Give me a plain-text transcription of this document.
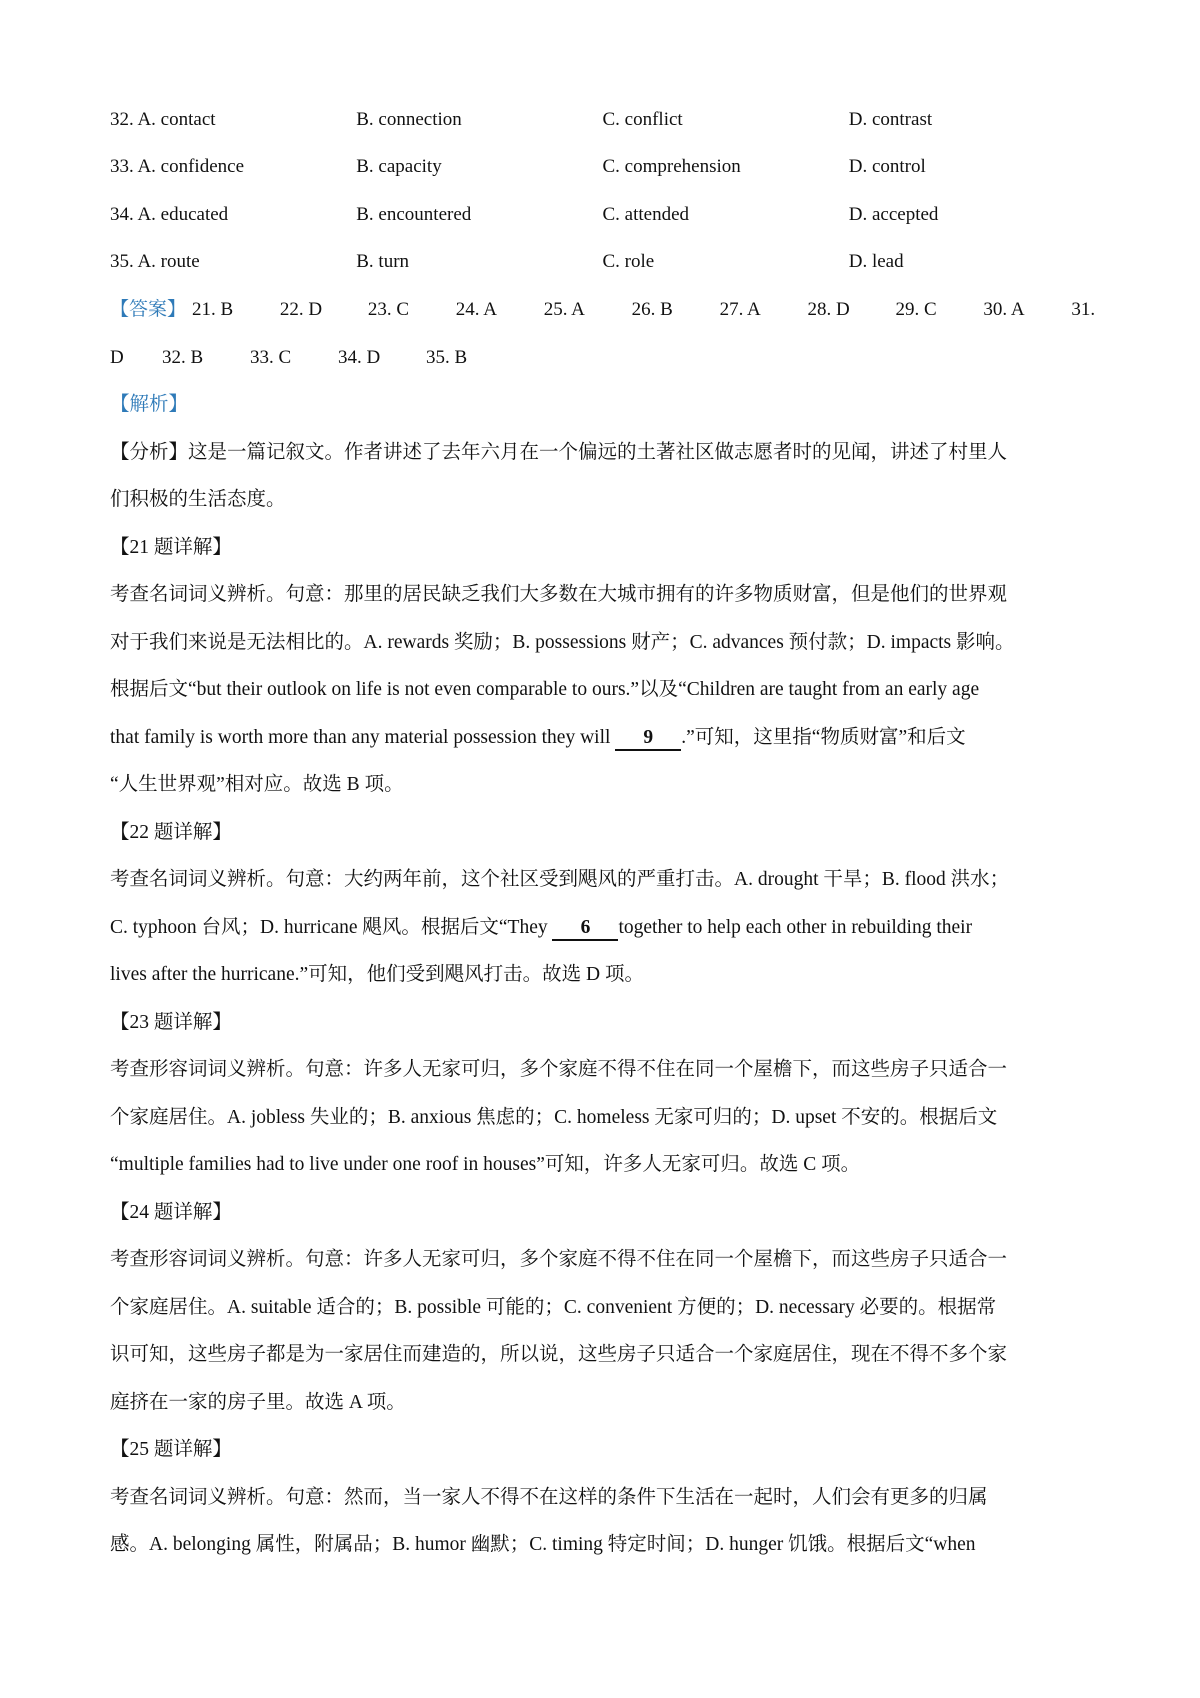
32. A. contact	B. connection	C. conflict	D. contrast
33. A. confidence	B. capacity	C. comprehension	D. control
34. A. educated	B. encountered	C. attended	D. accepted
35. A. route	B. turn	C. role	D. lead
【答案】 21. B	22. D	23. C	24. A	25. A	26. B	27. A	28. D	29. C	30. A	31.
D	32. B	33. C	34. D	35. B
【解析】
【分析】这是一篇记叙文。作者讲述了去年六月在一个偏远的土著社区做志愿者时的见闻，讲述了村里人
们积极的生活态度。
【21 题详解】
考查名词词义辨析。句意：那里的居民缺乏我们大多数在大城市拥有的许多物质财富，但是他们的世界观
对于我们来说是无法相比的。A. rewards 奖励；B. possessions 财产；C. advances 预付款；D. impacts 影响。
根据后文“but their outlook on life is not even comparable to ours.”以及“Children are taught from an early age
that family is worth more than any material possession they will 9 .”可知，这里指“物质财富”和后文
“人生世界观”相对应。故选 B 项。
【22 题详解】
考查名词词义辨析。句意：大约两年前，这个社区受到飓风的严重打击。A. drought 干旱；B. flood 洪水；
C. typhoon 台风；D. hurricane 飓风。根据后文“They 6 together to help each other in rebuilding their
lives after the hurricane.”可知，他们受到飓风打击。故选 D 项。
【23 题详解】
考查形容词词义辨析。句意：许多人无家可归，多个家庭不得不住在同一个屋檐下，而这些房子只适合一
个家庭居住。A. jobless 失业的；B. anxious 焦虑的；C. homeless 无家可归的；D. upset 不安的。根据后文
“multiple families had to live under one roof in houses”可知，许多人无家可归。故选 C 项。
【24 题详解】
考查形容词词义辨析。句意：许多人无家可归，多个家庭不得不住在同一个屋檐下，而这些房子只适合一
个家庭居住。A. suitable 适合的；B. possible 可能的；C. convenient 方便的；D. necessary 必要的。根据常
识可知，这些房子都是为一家居住而建造的，所以说，这些房子只适合一个家庭居住，现在不得不多个家
庭挤在一家的房子里。故选 A 项。
【25 题详解】
考查名词词义辨析。句意：然而，当一家人不得不在这样的条件下生活在一起时，人们会有更多的归属
感。A. belonging 属性，附属品；B. humor 幽默；C. timing 特定时间；D. hunger 饥饿。根据后文“when
